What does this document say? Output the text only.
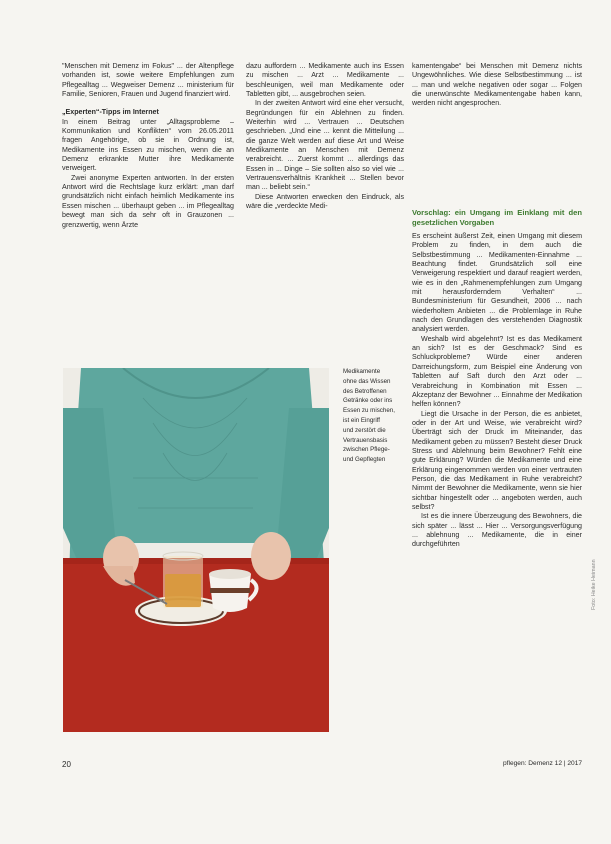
"Menschen mit Demenz im Fokus" ... der Altenpflege vorhanden ist, sowie weitere Empfehlungen zum Pflegealltag ... Wegweiser Demenz ... ministerium für Familie, Senioren, Frauen und Jugend finanziert wird.

„Experten“-Tipps im Internet

In einem Beitrag unter „Alltagsprobleme – Kommunikation und Konflikten“ vom 26.05.2011 fragen Angehörige, ob sie in Ordnung ist, Medikamente ins Essen zu mischen, wenn die an Demenz erkrankte Mutter ihre Medikamente verweigert.

Zwei anonyme Experten antworten. In der ersten Antwort wird die Rechtslage kurz erklärt: „man darf grundsätzlich nicht einfach heimlich Medikamente ins Essen mischen ... überhaupt geben ... im Pflegealltag bewegt man sich da sehr oft in Grauzonen ... grenzwertig, wenn Ärzte

dazu auffordern ... Medikamente auch ins Essen zu mischen ... Arzt ... Medikamente ... beschleunigen, weil man Medikamente oder Tabletten gibt, ... ausgebrochen seien.

In der zweiten Antwort wird eine eher versucht, Begründungen für ein Ablehnen zu finden. Weiterhin wird ... Vertrauen ... Deutschen geschrieben. „Und eine ... kennt die Mitteilung ... die ganze Welt werden auf diese Art und Weise Medikamente an Menschen mit Demenz verabreicht. ... Zuerst kommt ... allerdings das Essen in ... Dinge – Sie sollten also so viel wie ... Vertrauensverhältnis Krankheit ... Stellen bevor man ... beliebt sein.“

Diese Antworten erwecken den Eindruck, als wäre die „verdeckte Medi-

kamentengabe“ bei Menschen mit Demenz nichts Ungewöhnliches. Wie diese Selbstbestimmung ... ist ... man und welche negativen oder sogar ... Folgen die unerwünschte Medikamentengabe haben kann, werden nicht angesprochen.

Vorschlag: ein Umgang im Einklang mit den gesetzlichen Vorgaben

Es erscheint äußerst Zeit, einen Umgang mit diesem Problem zu finden, in dem auch die Selbstbestimmung ... Medikamenten-Einnahme ... Beachtung findet. Grundsätzlich soll eine Verweigerung respektiert und darauf reagiert werden, wie es in den „Rahmenempfehlungen zum Umgang mit herausforderndem Verhalten“ ... Bundesministerium für Gesundheit, 2006 ... nach wiederholtem Anbieten ... die Problemlage in Ruhe nach den Grundlagen des verstehenden Diagnostik analysiert werden.

Weshalb wird abgelehnt? Ist es das Medikament an sich? Ist es der Geschmack? Sind es Schluckprobleme? Würde einer anderen Darreichungsform, zum Beispiel eine Änderung von Tabletten auf Saft durch den Arzt oder ... Verabreichung in Kombination mit Essen ... Akzeptanz der Bewohner ... Einnahme der Medikation helfen können?

Liegt die Ursache in der Person, die es anbietet, oder in der Art und Weise, wie verabreicht wird? Überträgt sich der Druck im Miteinander, das Medikament geben zu müssen? Besteht dieser Druck Stress und Ablehnung beim Bewohner? Fehlt eine gute Erklärung? Würden die Medikamente und eine Erklärung eingenommen werden von einer vertrauten Person, die das Medikament in Ruhe verabreicht? Nimmt der Bewohner die Medikamente, wenn sie hier sichtbar hingestellt oder ... angeboten werden, auch selbst?

Ist es die innere Überzeugung des Bewohners, die sich später ... lässt ... Hier ... Versorgungsverfügung ... ablehnung ... Medikamente, die in einer durchgeführten

Medikamente
ohne das Wissen
des Betroffenen
Getränke oder ins
Essen zu mischen,
ist ein Eingriff
und zerstört die
Vertrauensbasis
zwischen Pflege-
und Gepflegten
Foto: Heike Heimann
20	pflegen: Demenz 12 | 2017
